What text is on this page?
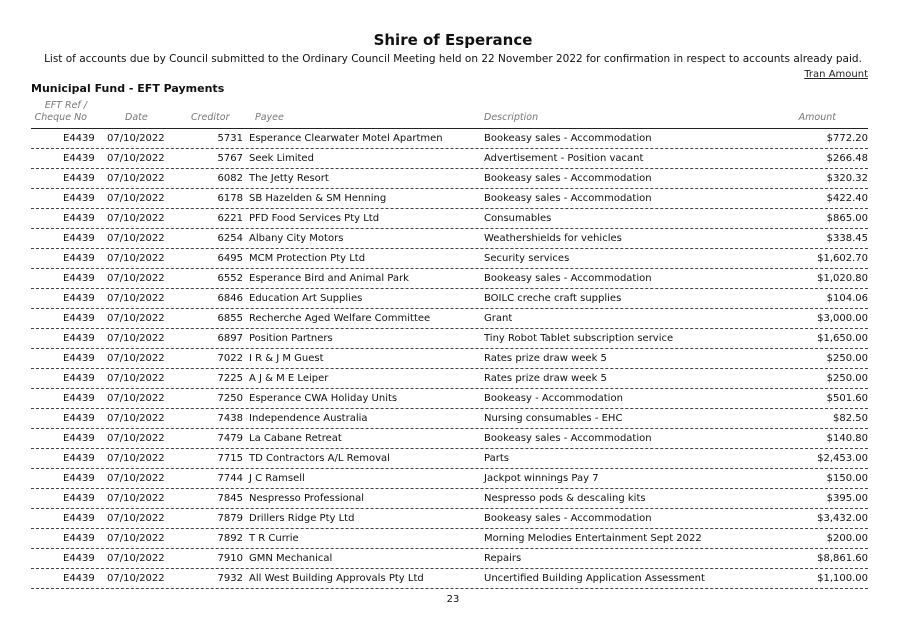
Shire of Esperance
List of accounts due by Council submitted to the Ordinary Council Meeting held on 22 November 2022 for confirmation in respect to accounts already paid.
Tran Amount
Municipal Fund - EFT Payments
EFT Ref /
Cheque No	Date	Creditor	Payee	Description	Amount
E4439 07/10/2022	5731 Esperance Clearwater Motel Apartmen	Bookeasy sales - Accommodation	$772.20
E4439 07/10/2022	5767 Seek Limited	Advertisement - Position vacant	$266.48
E4439 07/10/2022	6082 The Jetty Resort	Bookeasy sales - Accommodation	$320.32
E4439 07/10/2022	6178 SB Hazelden & SM Henning	Bookeasy sales - Accommodation	$422.40
E4439 07/10/2022	6221 PFD Food Services Pty Ltd	Consumables	$865.00
E4439 07/10/2022	6254 Albany City Motors	Weathershields for vehicles	$338.45
E4439 07/10/2022	6495 MCM Protection Pty Ltd	Security services	$1,602.70
E4439 07/10/2022	6552 Esperance Bird and Animal Park	Bookeasy sales - Accommodation	$1,020.80
E4439 07/10/2022	6846 Education Art Supplies	BOILC creche craft supplies	$104.06
E4439 07/10/2022	6855 Recherche Aged Welfare Committee	Grant	$3,000.00
E4439 07/10/2022	6897 Position Partners	Tiny Robot Tablet subscription service	$1,650.00
E4439 07/10/2022	7022 I R & J M Guest	Rates prize draw week 5	$250.00
E4439 07/10/2022	7225 A J & M E Leiper	Rates prize draw week 5	$250.00
E4439 07/10/2022	7250 Esperance CWA Holiday Units	Bookeasy - Accommodation	$501.60
E4439 07/10/2022	7438 Independence Australia	Nursing consumables - EHC	$82.50
E4439 07/10/2022	7479 La Cabane Retreat	Bookeasy sales - Accommodation	$140.80
E4439 07/10/2022	7715 TD Contractors A/L Removal	Parts	$2,453.00
E4439 07/10/2022	7744 J C Ramsell	Jackpot winnings Pay 7	$150.00
E4439 07/10/2022	7845 Nespresso Professional	Nespresso pods & descaling kits	$395.00
E4439 07/10/2022	7879 Drillers Ridge Pty Ltd	Bookeasy sales - Accommodation	$3,432.00
E4439 07/10/2022	7892 T R Currie	Morning Melodies Entertainment Sept 2022	$200.00
E4439 07/10/2022	7910 GMN Mechanical	Repairs	$8,861.60
E4439 07/10/2022	7932 All West Building Approvals Pty Ltd	Uncertified Building Application Assessment	$1,100.00
23
